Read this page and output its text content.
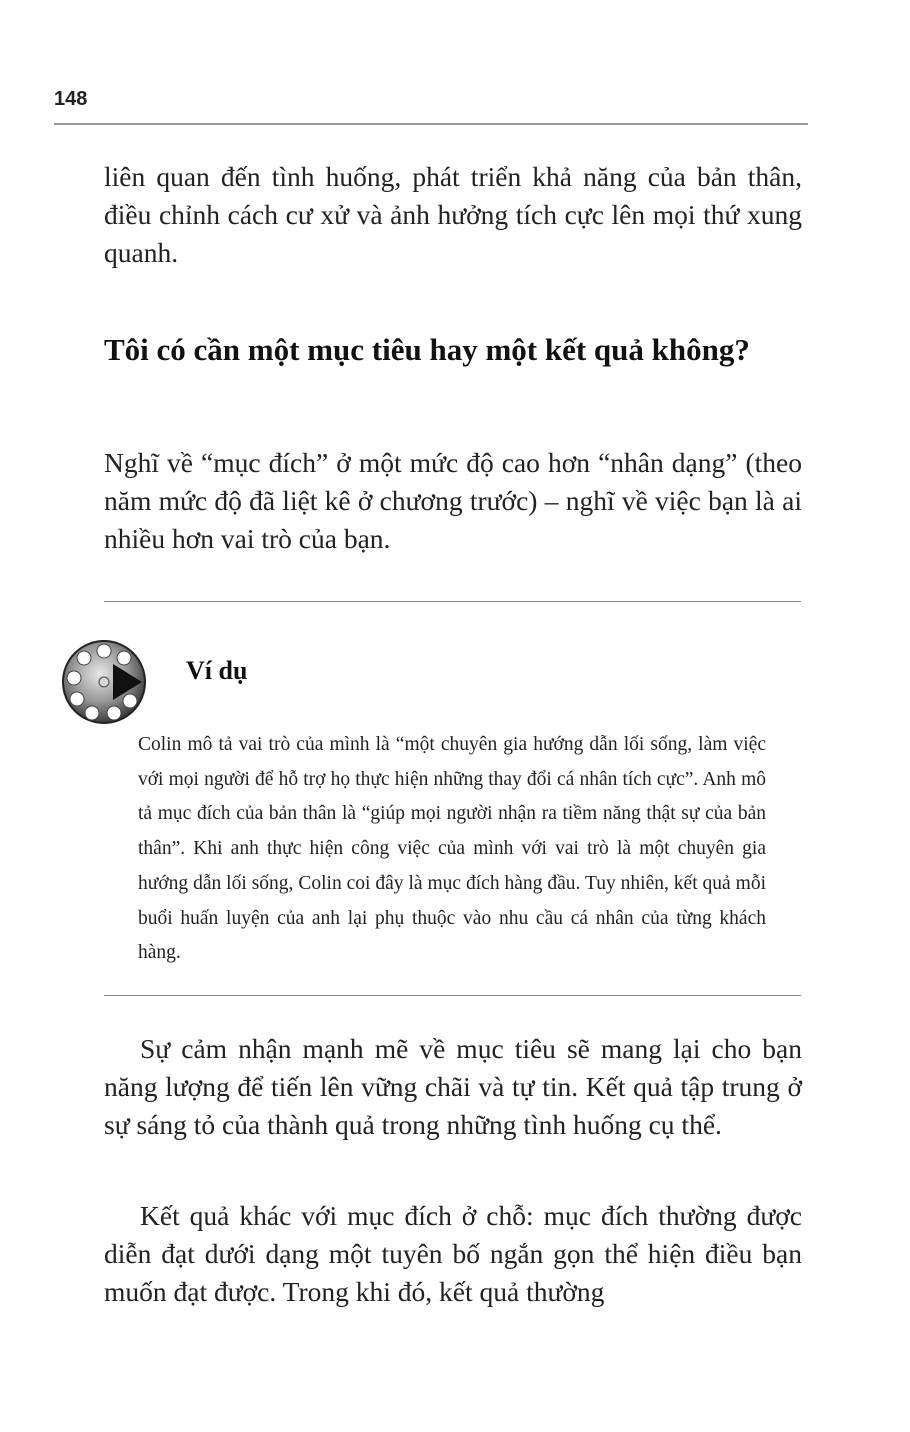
148

liên quan đến tình huống, phát triển khả năng của bản thân, điều chỉnh cách cư xử và ảnh hưởng tích cực lên mọi thứ xung quanh.

Tôi có cần một mục tiêu hay một kết quả không?

Nghĩ về “mục đích” ở một mức độ cao hơn “nhân dạng” (theo năm mức độ đã liệt kê ở chương trước) – nghĩ về việc bạn là ai nhiều hơn vai trò của bạn.

Ví dụ

Colin mô tả vai trò của mình là “một chuyên gia hướng dẫn lối sống, làm việc với mọi người để hỗ trợ họ thực hiện những thay đổi cá nhân tích cực”. Anh mô tả mục đích của bản thân là “giúp mọi người nhận ra tiềm năng thật sự của bản thân”. Khi anh thực hiện công việc của mình với vai trò là một chuyên gia hướng dẫn lối sống, Colin coi đây là mục đích hàng đầu. Tuy nhiên, kết quả mỗi buổi huấn luyện của anh lại phụ thuộc vào nhu cầu cá nhân của từng khách hàng.

Sự cảm nhận mạnh mẽ về mục tiêu sẽ mang lại cho bạn năng lượng để tiến lên vững chãi và tự tin. Kết quả tập trung ở sự sáng tỏ của thành quả trong những tình huống cụ thể.

Kết quả khác với mục đích ở chỗ: mục đích thường được diễn đạt dưới dạng một tuyên bố ngắn gọn thể hiện điều bạn muốn đạt được. Trong khi đó, kết quả thường
